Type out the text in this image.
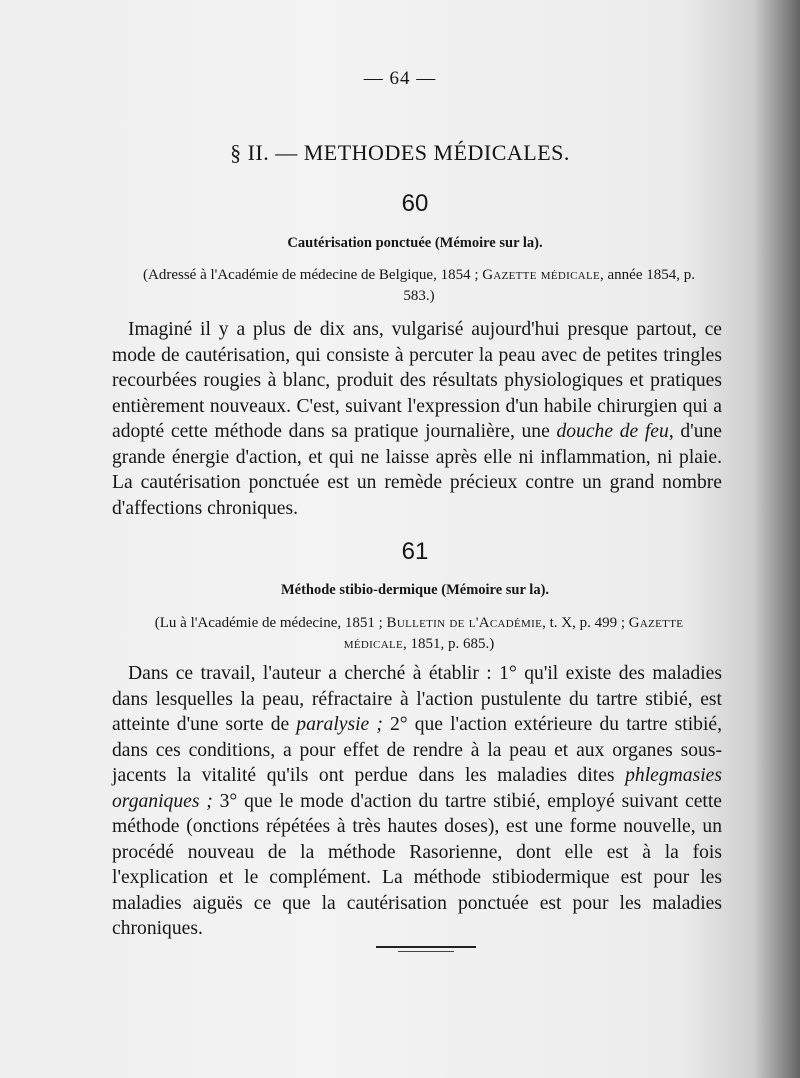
— 64 —
§ II. — METHODES MÉDICALES.
60
Cautérisation ponctuée (Mémoire sur la).
(Adressé à l'Académie de médecine de Belgique, 1854 ; Gazette médicale, année 1854, p. 583.)

Imaginé il y a plus de dix ans, vulgarisé aujourd'hui presque partout, ce mode de cautérisation, qui consiste à percuter la peau avec de petites tringles recourbées rougies à blanc, produit des résultats physiologiques et pratiques entièrement nouveaux. C'est, suivant l'expression d'un habile chirurgien qui a adopté cette méthode dans sa pratique journalière, une douche de feu, d'une grande énergie d'action, et qui ne laisse après elle ni inflammation, ni plaie. La cautérisation ponctuée est un remède précieux contre un grand nombre d'affections chroniques.

61
Méthode stibio-dermique (Mémoire sur la).
(Lu à l'Académie de médecine, 1851 ; Bulletin de l'Académie, t. X, p. 499 ; Gazette médicale, 1851, p. 685.)

Dans ce travail, l'auteur a cherché à établir : 1° qu'il existe des maladies dans lesquelles la peau, réfractaire à l'action pustulente du tartre stibié, est atteinte d'une sorte de paralysie ; 2° que l'action extérieure du tartre stibié, dans ces conditions, a pour effet de rendre à la peau et aux organes sous-jacents la vitalité qu'ils ont perdue dans les maladies dites phlegmasies organiques ; 3° que le mode d'action du tartre stibié, employé suivant cette méthode (onctions répétées à très hautes doses), est une forme nouvelle, un procédé nouveau de la méthode Rasorienne, dont elle est à la fois l'explication et le complément. La méthode stibiodermique est pour les maladies aiguës ce que la cautérisation ponctuée est pour les maladies chroniques.
